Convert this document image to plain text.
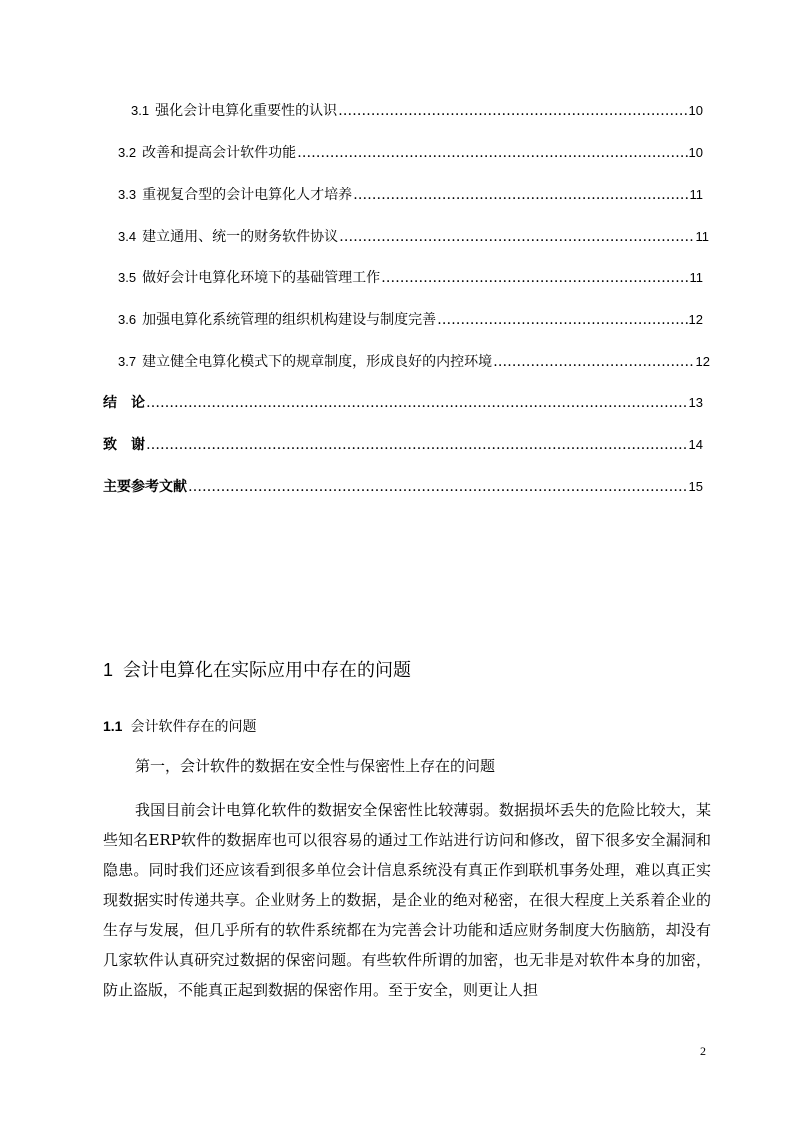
3.1 强化会计电算化重要性的认识 …………………………………………………………………………………………………………………………………………………………………………	10
3.2 改善和提高会计软件功能 …………………………………………………………………………………………………………………………………………………………………………	10
3.3 重视复合型的会计电算化人才培养 …………………………………………………………………………………………………………………………………………………………………………	11
3.4 建立通用、统一的财务软件协议 …………………………………………………………………………………………………………………………………………………………………………	11
3.5 做好会计电算化环境下的基础管理工作 …………………………………………………………………………………………………………………………………………………………………………	11
3.6 加强电算化系统管理的组织机构建设与制度完善 …………………………………………………………………………………………………………………………………………………………………………	12
3.7 建立健全电算化模式下的规章制度，形成良好的内控环境 …………………………………………………………………………………………………………………………………………………………………………	12
结　论 …………………………………………………………………………………………………………………………………………………………………………	13
致　谢 …………………………………………………………………………………………………………………………………………………………………………	14
主要参考文献 …………………………………………………………………………………………………………………………………………………………………………	15
1 会计电算化在实际应用中存在的问题
1.1 会计软件存在的问题
第一，会计软件的数据在安全性与保密性上存在的问题
我国目前会计电算化软件的数据安全保密性比较薄弱。数据损坏丢失的危险比较大，某些知名ERP软件的数据库也可以很容易的通过工作站进行访问和修改，留下很多安全漏洞和隐患。同时我们还应该看到很多单位会计信息系统没有真正作到联机事务处理，难以真正实现数据实时传递共享。企业财务上的数据，是企业的绝对秘密，在很大程度上关系着企业的生存与发展，但几乎所有的软件系统都在为完善会计功能和适应财务制度大伤脑筋，却没有几家软件认真研究过数据的保密问题。有些软件所谓的加密，也无非是对软件本身的加密，防止盗版，不能真正起到数据的保密作用。至于安全，则更让人担
2
